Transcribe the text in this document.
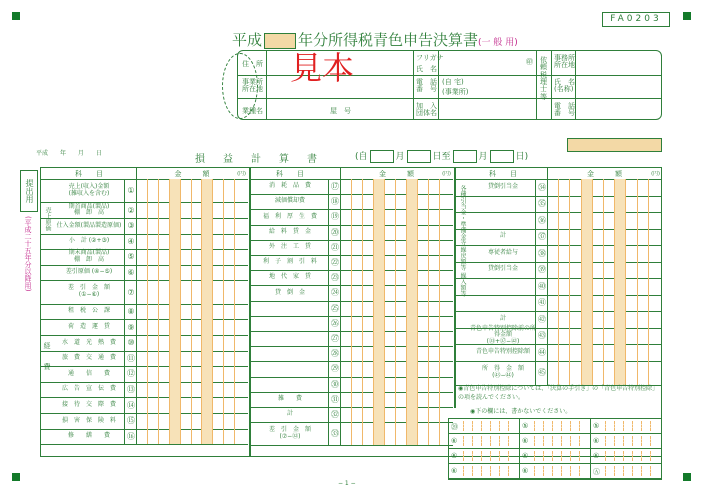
FA0203
平成 年分所得税青色申告決算書(一 般 用)
住　所
事業所
所在地
業種名	屋　号
フリガナ
氏　名
電　話
番　号
(自 宅)
(事業所)
加　入
団体名
依頼税理士等
事務所
所在地
氏　名
(名称)
電　話
番　号
㊞
見本
平成 年 月 日
損　益　計　算　書	(自	月	日至	月	日)
提出用
(平成二十五年分以降用)
科　　目	金　　　額	(円)
売上(収入)金額
(雑収入を含む)	①
期首商品(製品)
棚　卸　高	②
仕入金額(製品製造原価) ③
小　計 (②+③)	④
期末商品(製品)
棚　卸　高	⑤
差引原価 (④−⑤)	⑥
差　引　金　額
(①−⑥)	⑦
租　税　公　課	⑧
荷　造　運　賃	⑨
水　道　光　熱　費	⑩
旅　費　交　通　費	⑪
通　　信　　費	⑫
広　告　宣　伝　費	⑬
接　待　交　際　費	⑭
損　害　保　険　料	⑮
修　　繕　　費	⑯
売上原価
経　　費
科　　目	金　　　額	(円)
消　耗　品　費	⑰
減価償却費	⑱
福　利　厚　生　費	⑲
給　料　賃　金	⑳
外　注　工　賃	㉑
利　子　割　引　料	㉒
地　代　家　賃	㉓
貸　倒　金	㉔
㉕
㉖
㉗
㉘
㉙
㉚
雑　　費	㉛
計	㉜
差　引　金　額
(⑦−㉜)	㉝
科　　目	金　　　額	(円)
貸倒引当金	㉞
㉟
㊱
計	㊲
専従者給与	㊳
貸倒引当金	㊴
㊵
㊶
計	㊷
青色申告特別控除前の所得金額
(㉝+㊲−㊷)
㊸
青色申告特別控除額	㊹
所　得　金　額
(㊸−㊹)	㊺
各種引当金・準備金等 繰戻額等 繰入額等
◉青色申告特別控除については、「決算の手引き」の「青色申告特別控除」の項を読んでください。
◉下の欄には、書かないでください。
⑳	⑤	⑤
⑥	⑥	⑥
⑥	⑥	⑥
⑥	⑥	Ⓐ
− 1 −
